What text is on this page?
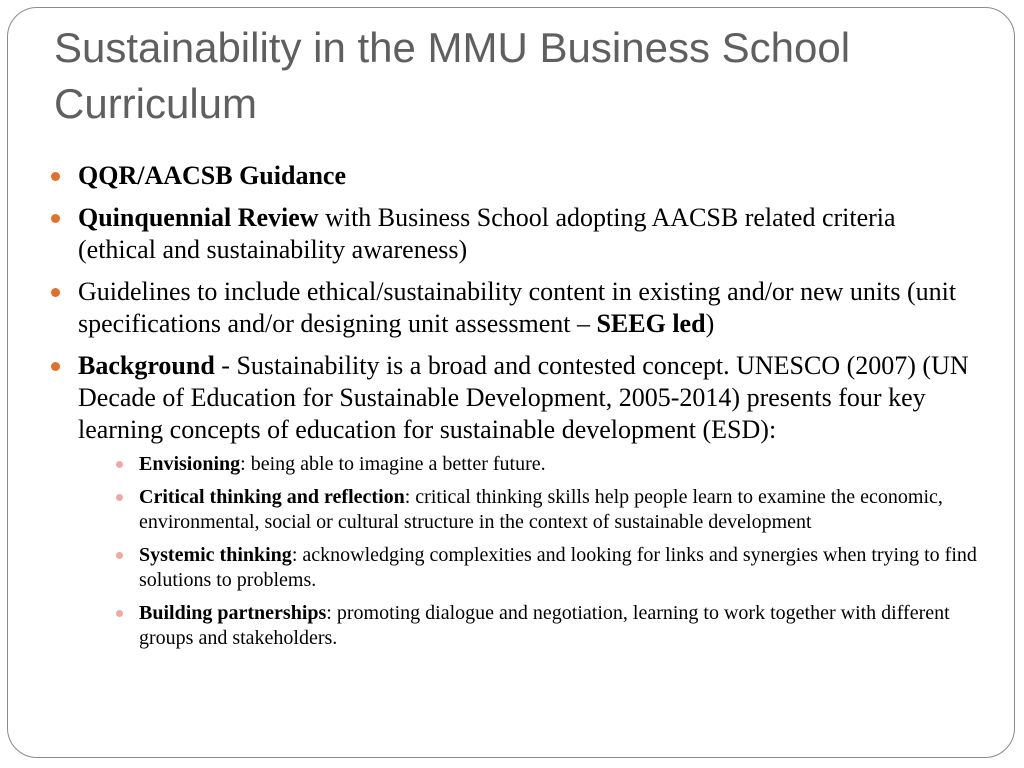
Sustainability in the MMU Business School Curriculum
QQR/AACSB Guidance
Quinquennial Review with Business School adopting AACSB related criteria (ethical and sustainability awareness)
Guidelines to include ethical/sustainability content in existing and/or new units (unit specifications and/or designing unit assessment – SEEG led)
Background - Sustainability is a broad and contested concept. UNESCO (2007) (UN Decade of Education for Sustainable Development, 2005-2014) presents four key learning concepts of education for sustainable development (ESD):
Envisioning: being able to imagine a better future.
Critical thinking and reflection: critical thinking skills help people learn to examine the economic, environmental, social or cultural structure in the context of sustainable development
Systemic thinking: acknowledging complexities and looking for links and synergies when trying to find solutions to problems.
Building partnerships: promoting dialogue and negotiation, learning to work together with different groups and stakeholders.
